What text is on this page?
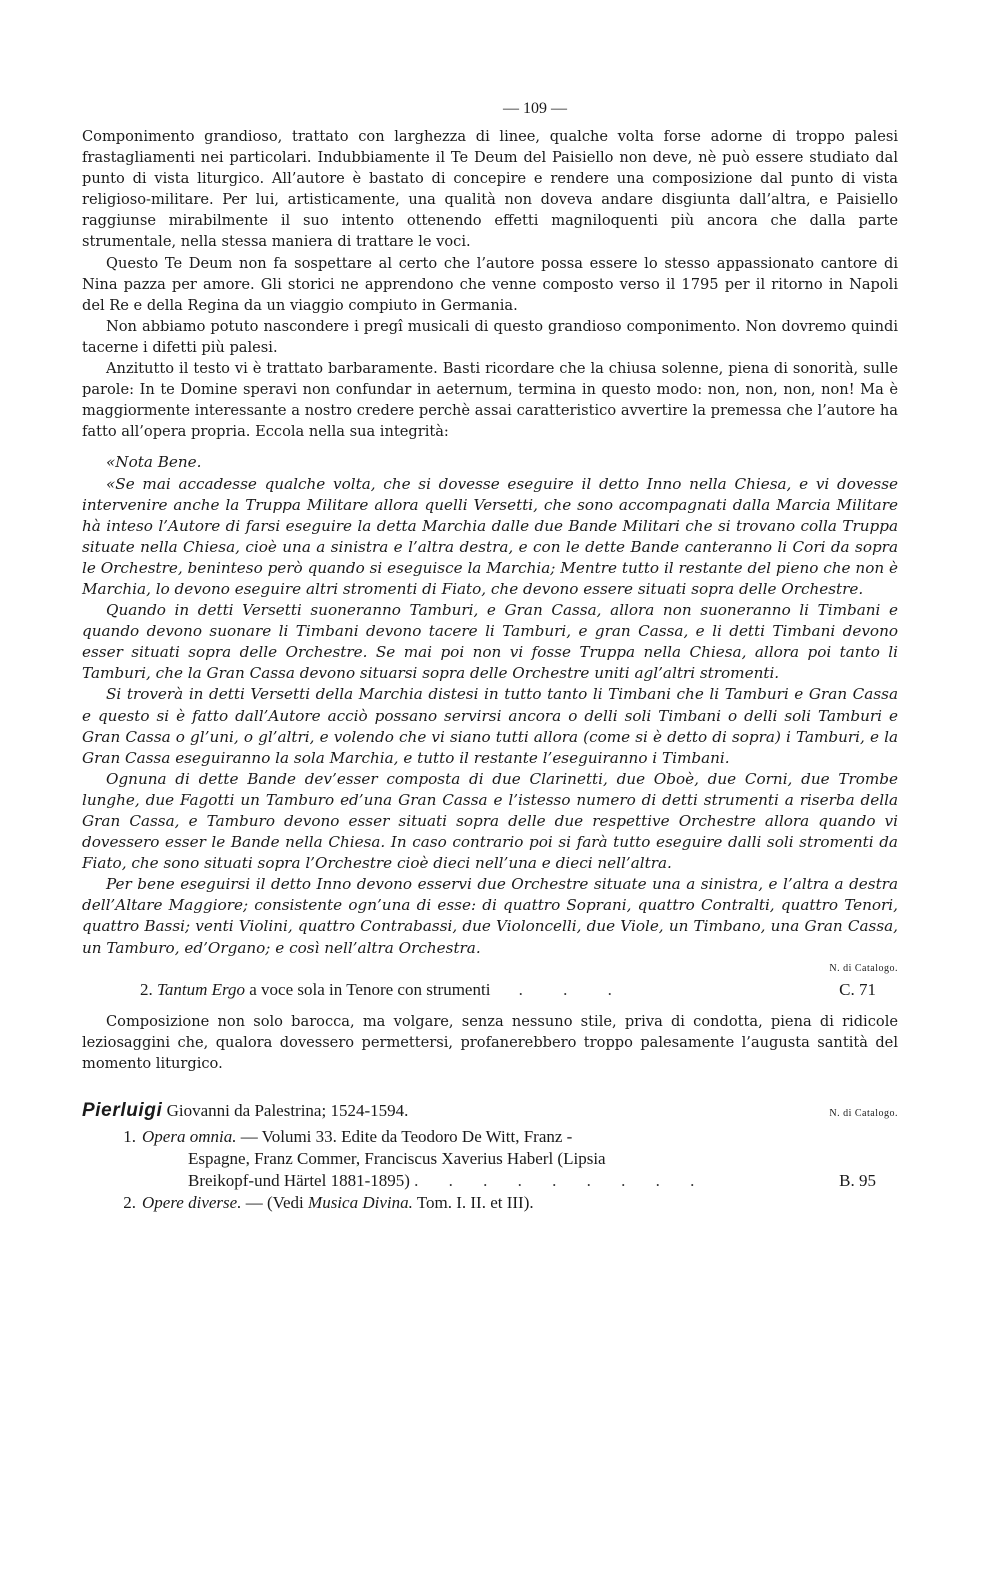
— 109 —

Componimento grandioso, trattato con larghezza di linee, qualche volta forse adorne di troppo palesi frastagliamenti nei particolari. Indubbiamente il Te Deum del Paisiello non deve, nè può essere studiato dal punto di vista liturgico. All’autore è bastato di concepire e rendere una composizione dal punto di vista religioso-militare. Per lui, artisticamente, una qualità non doveva andare disgiunta dall’altra, e Paisiello raggiunse mirabilmente il suo intento ottenendo effetti magniloquenti più ancora che dalla parte strumentale, nella stessa maniera di trattare le voci.

Questo Te Deum non fa sospettare al certo che l’autore possa essere lo stesso appassionato cantore di Nina pazza per amore. Gli storici ne apprendono che venne composto verso il 1795 per il ritorno in Napoli del Re e della Regina da un viaggio compiuto in Germania.

Non abbiamo potuto nascondere i pregî musicali di questo grandioso componimento. Non dovremo quindi tacerne i difetti più palesi.

Anzitutto il testo vi è trattato barbaramente. Basti ricordare che la chiusa solenne, piena di sonorità, sulle parole: In te Domine speravi non confundar in aeternum, termina in questo modo: non, non, non, non! Ma è maggiormente interessante a nostro credere perchè assai caratteristico avvertire la premessa che l’autore ha fatto all’opera propria. Eccola nella sua integrità:

«Nota Bene.

«Se mai accadesse qualche volta, che si dovesse eseguire il detto Inno nella Chiesa, e vi dovesse intervenire anche la Truppa Militare allora quelli Versetti, che sono accompagnati dalla Marcia Militare hà inteso l’Autore di farsi eseguire la detta Marchia dalle due Bande Militari che si trovano colla Truppa situate nella Chiesa, cioè una a sinistra e l’altra destra, e con le dette Bande canteranno li Cori da sopra le Orchestre, beninteso però quando si eseguisce la Marchia; Mentre tutto il restante del pieno che non è Marchia, lo devono eseguire altri stromenti di Fiato, che devono essere situati sopra delle Orchestre.

Quando in detti Versetti suoneranno Tamburi, e Gran Cassa, allora non suoneranno li Timbani e quando devono suonare li Timbani devono tacere li Tamburi, e gran Cassa, e li detti Timbani devono esser situati sopra delle Orchestre. Se mai poi non vi fosse Truppa nella Chiesa, allora poi tanto li Tamburi, che la Gran Cassa devono situarsi sopra delle Orchestre uniti agl’altri stromenti.

Si troverà in detti Versetti della Marchia distesi in tutto tanto li Timbani che li Tamburi e Gran Cassa e questo si è fatto dall’Autore acciò possano servirsi ancora o delli soli Timbani o delli soli Tamburi e Gran Cassa o gl’uni, o gl’altri, e volendo che vi siano tutti allora (come si è detto di sopra) i Tamburi, e la Gran Cassa eseguiranno la sola Marchia, e tutto il restante l’eseguiranno i Timbani.

Ognuna di dette Bande dev’esser composta di due Clarinetti, due Oboè, due Corni, due Trombe lunghe, due Fagotti un Tamburo ed’una Gran Cassa e l’istesso numero di detti strumenti a riserba della Gran Cassa, e Tamburo devono esser situati sopra delle due respettive Orchestre allora quando vi dovessero esser le Bande nella Chiesa. In caso contrario poi si farà tutto eseguire dalli soli stromenti da Fiato, che sono situati sopra l’Orchestre cioè dieci nell’una e dieci nell’altra.

Per bene eseguirsi il detto Inno devono esservi due Orchestre situate una a sinistra, e l’altra a destra dell’Altare Maggiore; consistente ogn’una di esse: di quattro Soprani, quattro Contralti, quattro Tenori, quattro Bassi; venti Violini, quattro Contrabassi, due Violoncelli, due Viole, un Timbano, una Gran Cassa, un Tamburo, ed’Organo; e così nell’altra Orchestra.

N. di Catalogo.
2. Tantum Ergo a voce sola in Tenore con strumenti . . .	C. 71

Composizione non solo barocca, ma volgare, senza nessuno stile, priva di condotta, piena di ridicole leziosaggini che, qualora dovessero permettersi, profanerebbero troppo palesamente l’augusta santità del momento liturgico.

Pierluigi Giovanni da Palestrina; 1524-1594.	N. di Catalogo.
1. Opera omnia. — Volumi 33. Edite da Teodoro De Witt, Franz -
Espagne, Franz Commer, Franciscus Xaverius Haberl (Lipsia
Breikopf-und Härtel 1881-1895) . . . . . . . . .	B. 95
2. Opere diverse. — (Vedi Musica Divina. Tom. I. II. et III).
